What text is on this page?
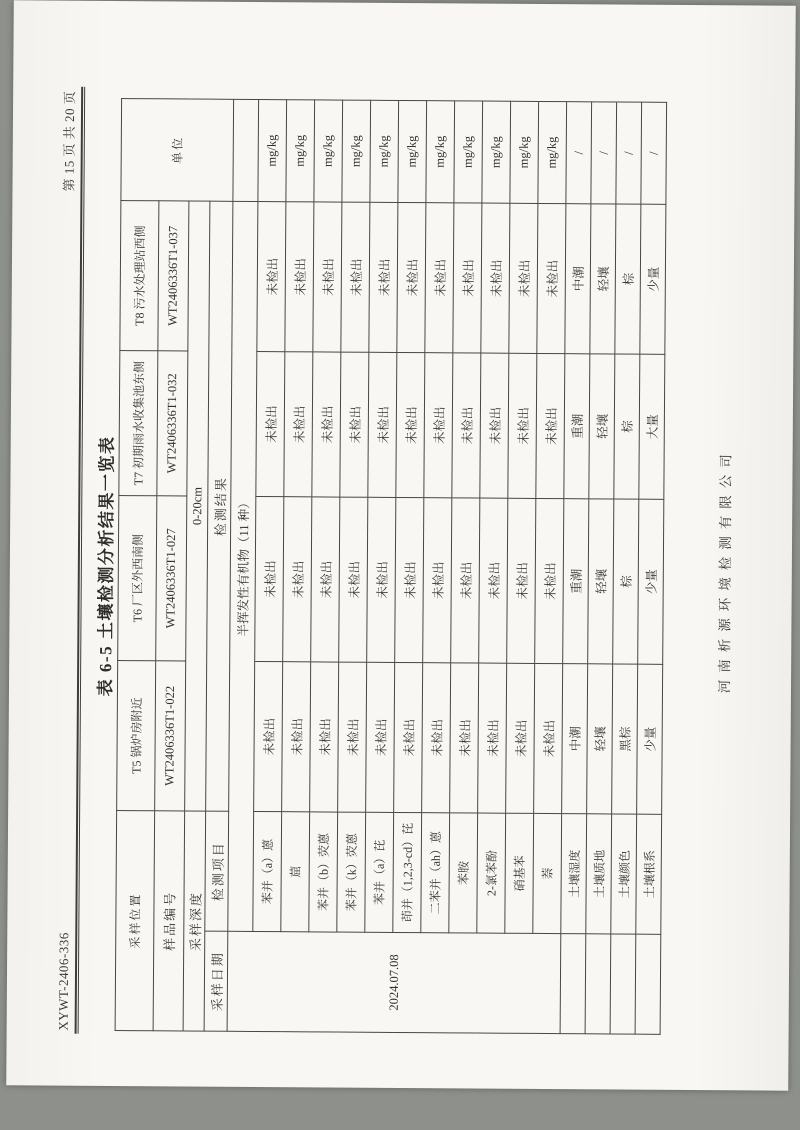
XYWT-2406-336
第 15 页 共 20 页
表 6-5 土壤检测分析结果一览表
采样位置		T5 锅炉房附近	T6 厂区外西南侧	T7 初期雨水收集池东侧	T8 污水处理站西侧	单位
样品编号		WT2406336T1-022	WT2406336T1-027	WT2406336T1-032	WT2406336T1-037	
采样深度		0-20cm				
采样日期	检测项目	检测结果				
2024.07.08	半挥发性有机物（11 种）					
	苯并（a）蒽	未检出	未检出	未检出	未检出	mg/kg
	䓛	未检出	未检出	未检出	未检出	mg/kg
	苯并（b）荧蒽	未检出	未检出	未检出	未检出	mg/kg
	苯并（k）荧蒽	未检出	未检出	未检出	未检出	mg/kg
	苯并（a）芘	未检出	未检出	未检出	未检出	mg/kg
	茚并（1,2,3-cd）芘	未检出	未检出	未检出	未检出	mg/kg
	二苯并（ah）蒽	未检出	未检出	未检出	未检出	mg/kg
	苯胺	未检出	未检出	未检出	未检出	mg/kg
	2-氯苯酚	未检出	未检出	未检出	未检出	mg/kg
	硝基苯	未检出	未检出	未检出	未检出	mg/kg
	萘	未检出	未检出	未检出	未检出	mg/kg
	土壤湿度	中潮	重潮	重潮	中潮	/
	土壤质地	轻壤	轻壤	轻壤	轻壤	/
	土壤颜色	黑棕	棕	棕	棕	/
	土壤根系	少量	少量	大量	少量	/
河南析源环境检测有限公司
